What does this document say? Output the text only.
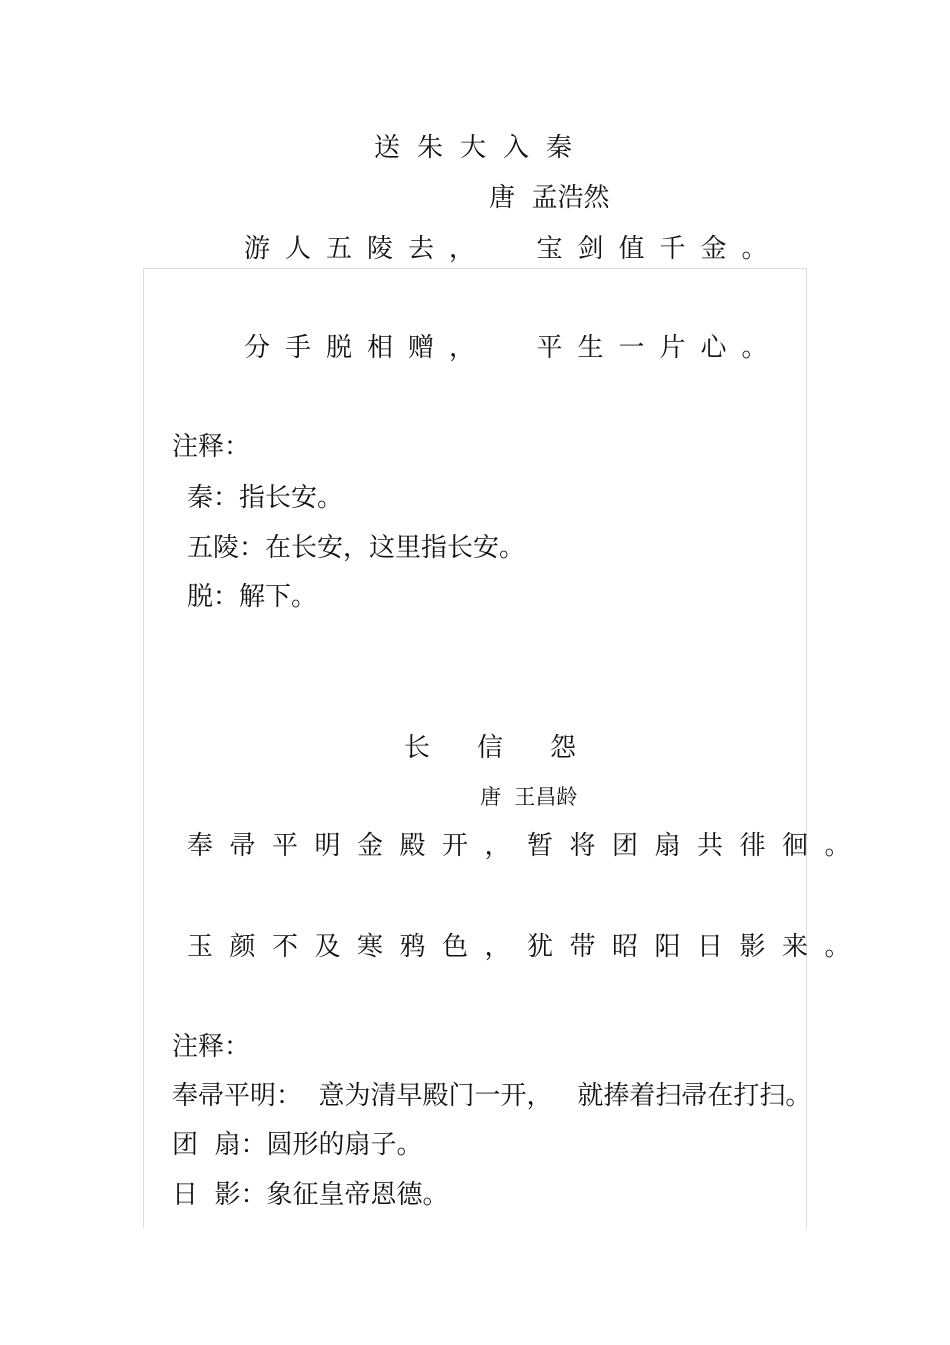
送朱大入秦
唐  孟浩然
游人五陵去，  宝剑值千金。
分手脱相赠，  平生一片心。
注释：
秦：指长安。
五陵：在长安，这里指长安。
脱：解下。
长信怨
唐  王昌龄
奉帚平明金殿开，暂将团扇共徘徊。
玉颜不及寒鸦色，犹带昭阳日影来。
注释：
奉帚平明：  意为清早殿门一开，   就捧着扫帚在打扫。
团  扇：圆形的扇子。
日  影：象征皇帝恩德。
